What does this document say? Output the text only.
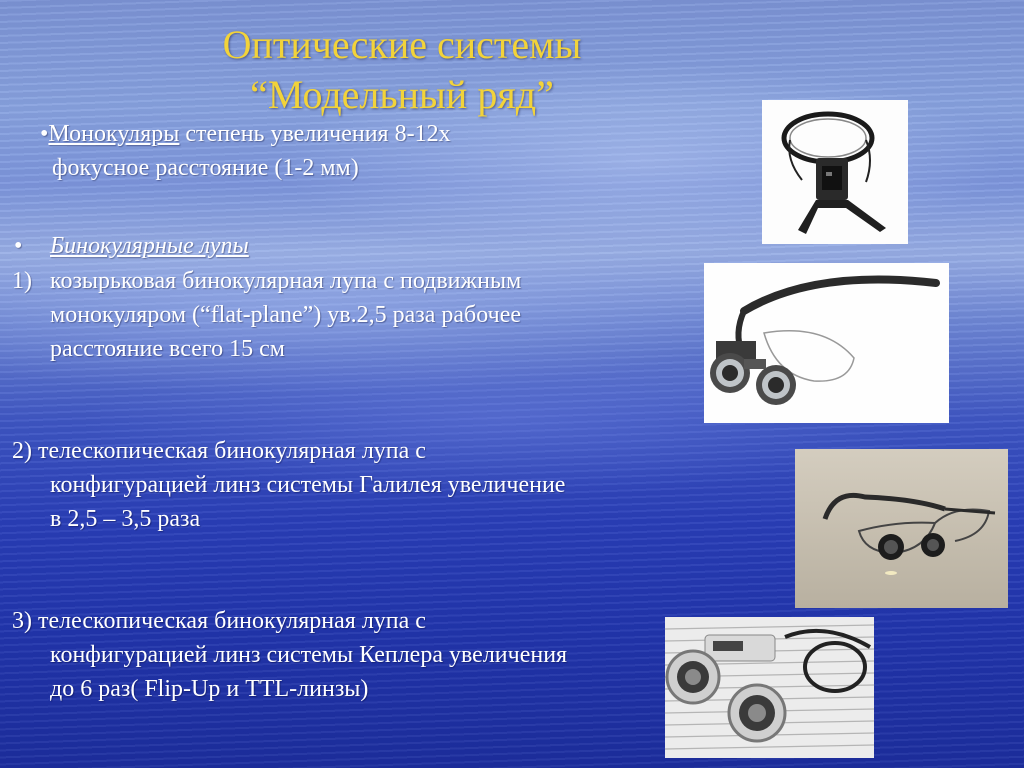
Оптические системы
“Модельный ряд”
•Монокуляры степень увеличения 8-12х
фокусное расстояние (1-2 мм)
• Бинокулярные лупы
1) козырьковая бинокулярная лупа с подвижным
монокуляром (“flat-plane”) ув.2,5 раза рабочее
расстояние всего 15 см
2) телескопическая бинокулярная лупа с
конфигурацией линз системы Галилея увеличение
в 2,5 – 3,5 раза
3) телескопическая бинокулярная лупа с
конфигурацией линз системы Кеплера увеличения
до 6 раз( Flip-Up и TTL-линзы)
